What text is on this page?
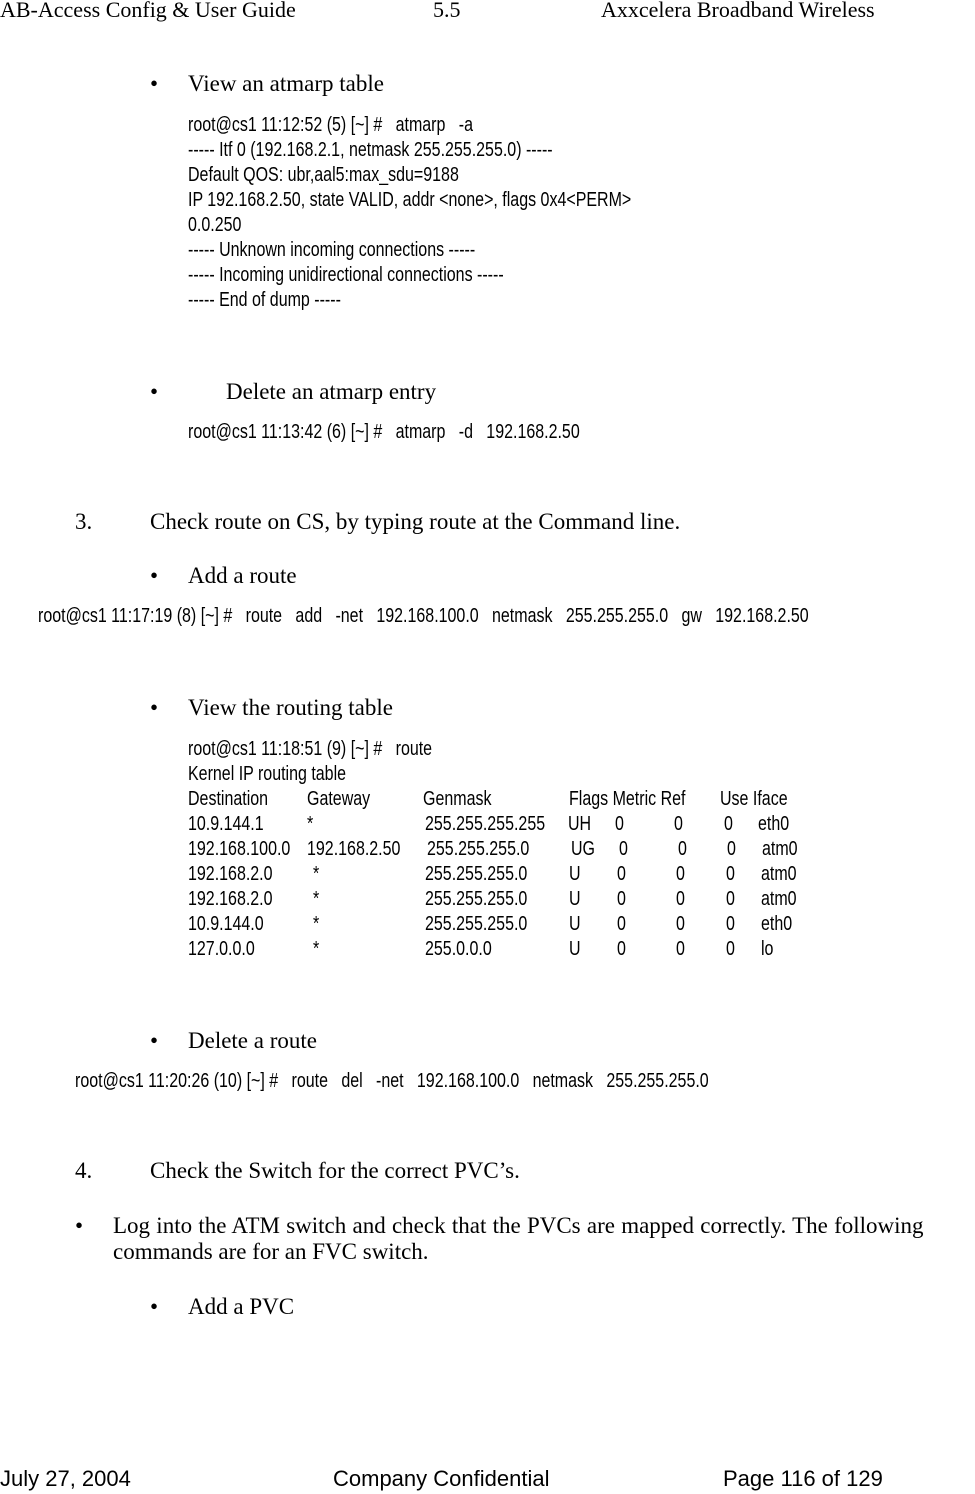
AB-Access Config & User Guide	5.5	Axxcelera Broadband Wireless
• View an atmarp table
root@cs1 11:12:52 (5) [~] #   atmarp   -a
----- Itf 0 (192.168.2.1, netmask 255.255.255.0) -----
Default QOS: ubr,aal5:max_sdu=9188
IP 192.168.2.50, state VALID, addr <none>, flags 0x4<PERM>
0.0.250
----- Unknown incoming connections -----
----- Incoming unidirectional connections -----
----- End of dump -----
•	Delete an atmarp entry
root@cs1 11:13:42 (6) [~] #   atmarp   -d   192.168.2.50
3.	Check route on CS, by typing route at the Command line.
• Add a route
root@cs1 11:17:19 (8) [~] #   route   add   -net   192.168.100.0   netmask   255.255.255.0   gw   192.168.2.50
• View the routing table
root@cs1 11:18:51 (9) [~] #   route
Kernel IP routing table
Destination Gateway	Genmask	Flags Metric Ref Use Iface
10.9.144.1 *	255.255.255.255 UH 0	0 0 eth0
192.168.100.0 192.168.2.50 255.255.255.0 UG 0	0 0 atm0
192.168.2.0 *	255.255.255.0 U 0	0 0 atm0
192.168.2.0 *	255.255.255.0 U 0	0 0 atm0
10.9.144.0 *	255.255.255.0 U 0	0 0 eth0
127.0.0.0	*	255.0.0.0	U 0	0 0 lo
• Delete a route
root@cs1 11:20:26 (10) [~] #   route   del   -net   192.168.100.0   netmask   255.255.255.0
4.	Check the Switch for the correct PVC’s.
• Log into the ATM switch and check that the PVCs are mapped correctly. The following
commands are for an FVC switch.
• Add a PVC
July 27, 2004	Company Confidential	Page 116 of 129
